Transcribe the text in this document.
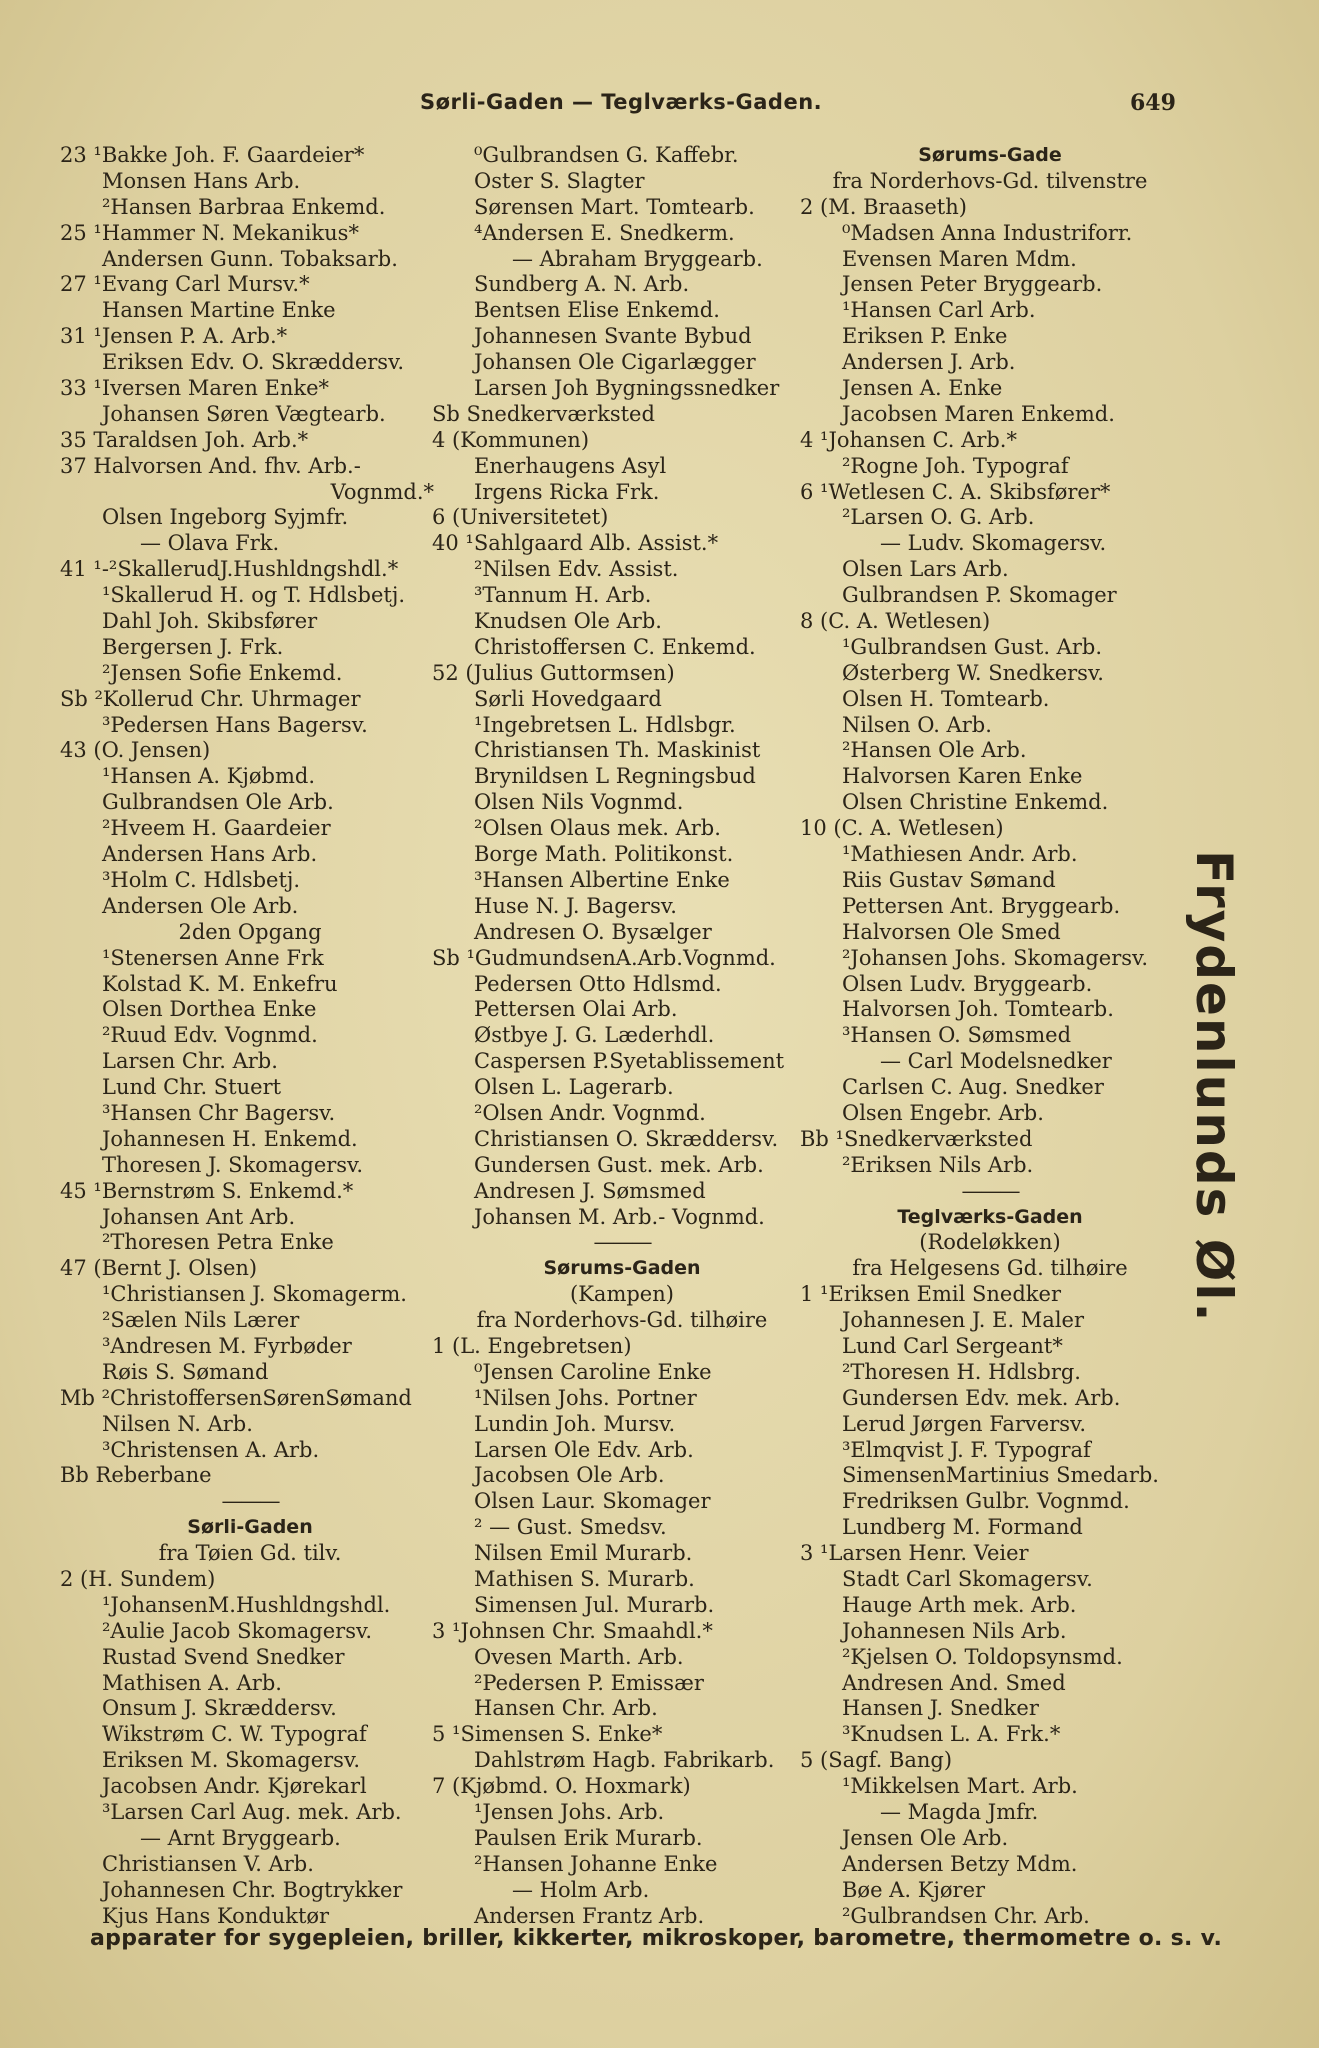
Sørli-Gaden — Teglværks-Gaden.	649
23 ¹Bakke Joh. F. Gaardeier*
Monsen Hans Arb.
²Hansen Barbraa Enkemd.
25 ¹Hammer N. Mekanikus*
Andersen Gunn. Tobaksarb.
27 ¹Evang Carl Mursv.*
Hansen Martine Enke
31 ¹Jensen P. A. Arb.*
Eriksen Edv. O. Skræddersv.
33 ¹Iversen Maren Enke*
Johansen Søren Vægtearb.
35 Taraldsen Joh. Arb.*
37 Halvorsen And. fhv. Arb.-
Vognmd.*
Olsen Ingeborg Syjmfr.
— Olava Frk.
41 ¹-²SkallerudJ.Hushldngshdl.*
¹Skallerud H. og T. Hdlsbetj.
Dahl Joh. Skibsfører
Bergersen J. Frk.
²Jensen Sofie Enkemd.
Sb ²Kollerud Chr. Uhrmager
³Pedersen Hans Bagersv.
43 (O. Jensen)
¹Hansen A. Kjøbmd.
Gulbrandsen Ole Arb.
²Hveem H. Gaardeier
Andersen Hans Arb.
³Holm C. Hdlsbetj.
Andersen Ole Arb.
2den Opgang
¹Stenersen Anne Frk
Kolstad K. M. Enkefru
Olsen Dorthea Enke
²Ruud Edv. Vognmd.
Larsen Chr. Arb.
Lund Chr. Stuert
³Hansen Chr Bagersv.
Johannesen H. Enkemd.
Thoresen J. Skomagersv.
45 ¹Bernstrøm S. Enkemd.*
Johansen Ant Arb.
²Thoresen Petra Enke
47 (Bernt J. Olsen)
¹Christiansen J. Skomagerm.
²Sælen Nils Lærer
³Andresen M. Fyrbøder
Røis S. Sømand
Mb ²ChristoffersenSørenSømand
Nilsen N. Arb.
³Christensen A. Arb.
Bb Reberbane
———
Sørli-Gaden
fra Tøien Gd. tilv.
2 (H. Sundem)
¹JohansenM.Hushldngshdl.
²Aulie Jacob Skomagersv.
Rustad Svend Snedker
Mathisen A. Arb.
Onsum J. Skræddersv.
Wikstrøm C. W. Typograf
Eriksen M. Skomagersv.
Jacobsen Andr. Kjørekarl
³Larsen Carl Aug. mek. Arb.
— Arnt Bryggearb.
Christiansen V. Arb.
Johannesen Chr. Bogtrykker
Kjus Hans Konduktør
⁰Gulbrandsen G. Kaffebr.
Oster S. Slagter
Sørensen Mart. Tomtearb.
⁴Andersen E. Snedkerm.
— Abraham Bryggearb.
Sundberg A. N. Arb.
Bentsen Elise Enkemd.
Johannesen Svante Bybud
Johansen Ole Cigarlægger
Larsen Joh Bygningssnedker
Sb Snedkerværksted
4 (Kommunen)
Enerhaugens Asyl
Irgens Ricka Frk.
6 (Universitetet)
40 ¹Sahlgaard Alb. Assist.*
²Nilsen Edv. Assist.
³Tannum H. Arb.
Knudsen Ole Arb.
Christoffersen C. Enkemd.
52 (Julius Guttormsen)
Sørli Hovedgaard
¹Ingebretsen L. Hdlsbgr.
Christiansen Th. Maskinist
Brynildsen L Regningsbud
Olsen Nils Vognmd.
²Olsen Olaus mek. Arb.
Borge Math. Politikonst.
³Hansen Albertine Enke
Huse N. J. Bagersv.
Andresen O. Bysælger
Sb ¹GudmundsenA.Arb.Vognmd.
Pedersen Otto Hdlsmd.
Pettersen Olai Arb.
Østbye J. G. Læderhdl.
Caspersen P.Syetablissement
Olsen L. Lagerarb.
²Olsen Andr. Vognmd.
Christiansen O. Skræddersv.
Gundersen Gust. mek. Arb.
Andresen J. Sømsmed
Johansen M. Arb.- Vognmd.
———
Sørums-Gaden
(Kampen)
fra Norderhovs-Gd. tilhøire
1 (L. Engebretsen)
⁰Jensen Caroline Enke
¹Nilsen Johs. Portner
Lundin Joh. Mursv.
Larsen Ole Edv. Arb.
Jacobsen Ole Arb.
Olsen Laur. Skomager
² — Gust. Smedsv.
Nilsen Emil Murarb.
Mathisen S. Murarb.
Simensen Jul. Murarb.
3 ¹Johnsen Chr. Smaahdl.*
Ovesen Marth. Arb.
²Pedersen P. Emissær
Hansen Chr. Arb.
5 ¹Simensen S. Enke*
Dahlstrøm Hagb. Fabrikarb.
7 (Kjøbmd. O. Hoxmark)
¹Jensen Johs. Arb.
Paulsen Erik Murarb.
²Hansen Johanne Enke
— Holm Arb.
Andersen Frantz Arb.
Sørums-Gade
fra Norderhovs-Gd. tilvenstre
2 (M. Braaseth)
⁰Madsen Anna Industriforr.
Evensen Maren Mdm.
Jensen Peter Bryggearb.
¹Hansen Carl Arb.
Eriksen P. Enke
Andersen J. Arb.
Jensen A. Enke
Jacobsen Maren Enkemd.
4 ¹Johansen C. Arb.*
²Rogne Joh. Typograf
6 ¹Wetlesen C. A. Skibsfører*
²Larsen O. G. Arb.
— Ludv. Skomagersv.
Olsen Lars Arb.
Gulbrandsen P. Skomager
8 (C. A. Wetlesen)
¹Gulbrandsen Gust. Arb.
Østerberg W. Snedkersv.
Olsen H. Tomtearb.
Nilsen O. Arb.
²Hansen Ole Arb.
Halvorsen Karen Enke
Olsen Christine Enkemd.
10 (C. A. Wetlesen)
¹Mathiesen Andr. Arb.
Riis Gustav Sømand
Pettersen Ant. Bryggearb.
Halvorsen Ole Smed
²Johansen Johs. Skomagersv.
Olsen Ludv. Bryggearb.
Halvorsen Joh. Tomtearb.
³Hansen O. Sømsmed
— Carl Modelsnedker
Carlsen C. Aug. Snedker
Olsen Engebr. Arb.
Bb ¹Snedkerværksted
²Eriksen Nils Arb.
———
Teglværks-Gaden
(Rodeløkken)
fra Helgesens Gd. tilhøire
1 ¹Eriksen Emil Snedker
Johannesen J. E. Maler
Lund Carl Sergeant*
²Thoresen H. Hdlsbrg.
Gundersen Edv. mek. Arb.
Lerud Jørgen Farversv.
³Elmqvist J. F. Typograf
SimensenMartinius Smedarb.
Fredriksen Gulbr. Vognmd.
Lundberg M. Formand
3 ¹Larsen Henr. Veier
Stadt Carl Skomagersv.
Hauge Arth mek. Arb.
Johannesen Nils Arb.
²Kjelsen O. Toldopsynsmd.
Andresen And. Smed
Hansen J. Snedker
³Knudsen L. A. Frk.*
5 (Sagf. Bang)
¹Mikkelsen Mart. Arb.
— Magda Jmfr.
Jensen Ole Arb.
Andersen Betzy Mdm.
Bøe A. Kjører
²Gulbrandsen Chr. Arb.
Frydenlunds Øl.
apparater for sygepleien, briller, kikkerter, mikroskoper, barometre, thermometre o. s. v.
